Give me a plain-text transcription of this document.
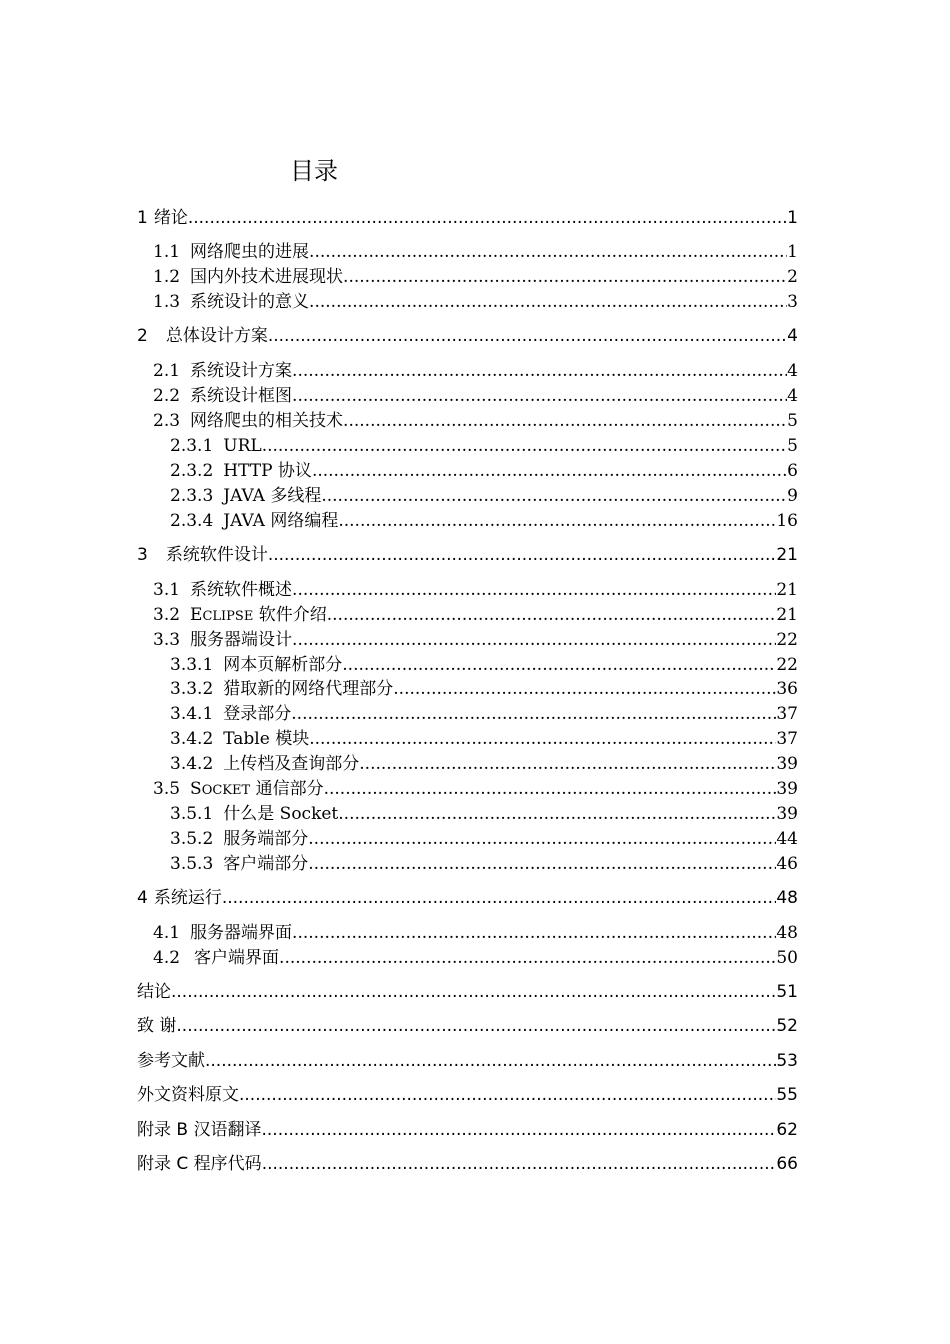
目录
1 绪论 .....	1
1.1 网络爬虫的进展 .....	1
1.2 国内外技术进展现状 .....	2
1.3 系统设计的意义 .....	3
2 总体设计方案 .....	4
2.1 系统设计方案 .....	4
2.2 系统设计框图 .....	4
2.3 网络爬虫的相关技术 .....	5
2.3.1 URL .....	5
2.3.2 HTTP 协议 .....	6
2.3.3 JAVA 多线程 .....	9
2.3.4 JAVA 网络编程 .....	16
3 系统软件设计 .....	21
3.1 系统软件概述 .....	21
3.2 ECLIPSE 软件介绍 .....	21
3.3 服务器端设计 .....	22
3.3.1 网本页解析部分 .....	22
3.3.2 猎取新的网络代理部分 .....	36
3.4.1 登录部分 .....	37
3.4.2 Table 模块 .....	37
3.4.2 上传档及查询部分 .....	39
3.5 SOCKET 通信部分 .....	39
3.5.1 什么是 Socket .....	39
3.5.2 服务端部分 .....	44
3.5.3 客户端部分 .....	46
4 系统运行 .....	48
4.1 服务器端界面 .....	48
4.2 客户端界面 .....	50
结论 .....	51
致 谢 .....	52
参考文献 .....	53
外文资料原文 .....	55
附录 B 汉语翻译 .....	62
附录 C 程序代码 .....	66
